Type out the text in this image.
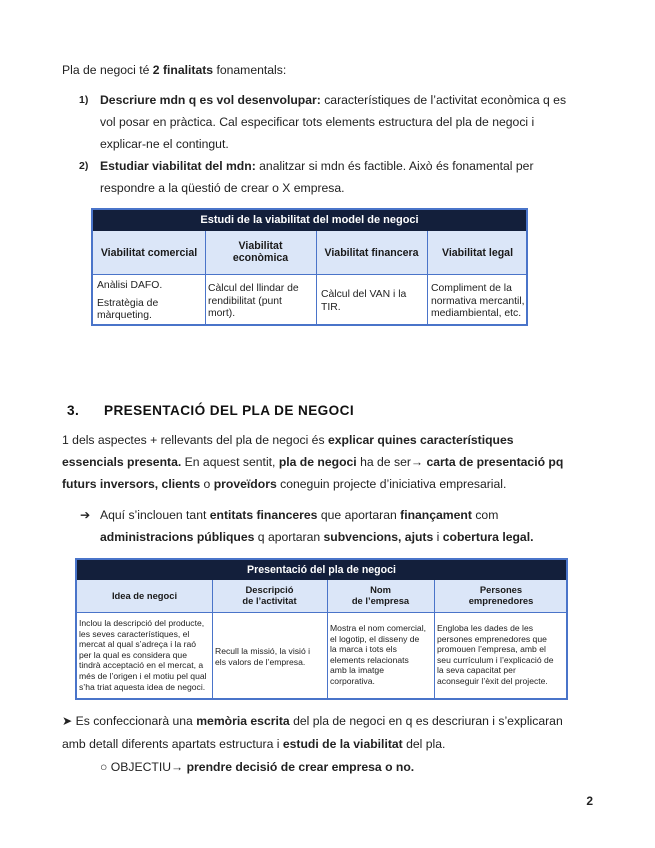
Pla de negoci té 2 finalitats fonamentals:
1) Descriure mdn q es vol desenvolupar: característiques de l’activitat econòmica q es
vol posar en pràctica. Cal especificar tots elements estructura del pla de negoci i
explicar-ne el contingut.
2) Estudiar viabilitat del mdn: analitzar si mdn és factible. Això és fonamental per
respondre a la qüestió de crear o X empresa.
Estudi de la viabilitat del model de negoci
Viabilitat comercial
Viabilitat
econòmica	Viabilitat financera	Viabilitat legal
Anàlisi DAFO.
Estratègia de
màrqueting.
Càlcul del llindar de
rendibilitat (punt
mort).
Càlcul del VAN i la
TIR.
Compliment de la
normativa mercantil,
mediambiental, etc.
3. PRESENTACIÓ DEL PLA DE NEGOCI
1 dels aspectes + rellevants del pla de negoci és explicar quines característiques
essencials presenta. En aquest sentit, pla de negoci ha de ser→ carta de presentació pq
futurs inversors, clients o proveïdors coneguin projecte d’iniciativa empresarial.
➔ Aquí s’inclouen tant entitats financeres que aportaran finançament com
administracions públiques q aportaran subvencions, ajuts i cobertura legal.
Presentació del pla de negoci
Idea de negoci
Descripció
de l’activitat
Nom
de l’empresa
Persones
emprenedores
Inclou la descripció del producte,
les seves característiques, el
mercat al qual s’adreça i la raó
per la qual es considera que
tindrà acceptació en el mercat, a
més de l’origen i el motiu pel qual
s’ha triat aquesta idea de negoci.
Recull la missió, la visió i
els valors de l’empresa.
Mostra el nom comercial,
el logotip, el disseny de
la marca i tots els
elements relacionats
amb la imatge
corporativa.
Engloba les dades de les
persones emprenedores que
promouen l’empresa, amb el
seu currículum i l’explicació de
la seva capacitat per
aconseguir l’èxit del projecte.
➤ Es confeccionarà una memòria escrita del pla de negoci en q es descriuran i s’explicaran
amb detall diferents apartats estructura i estudi de la viabilitat del pla.
○ OBJECTIU→ prendre decisió de crear empresa o no.
2
